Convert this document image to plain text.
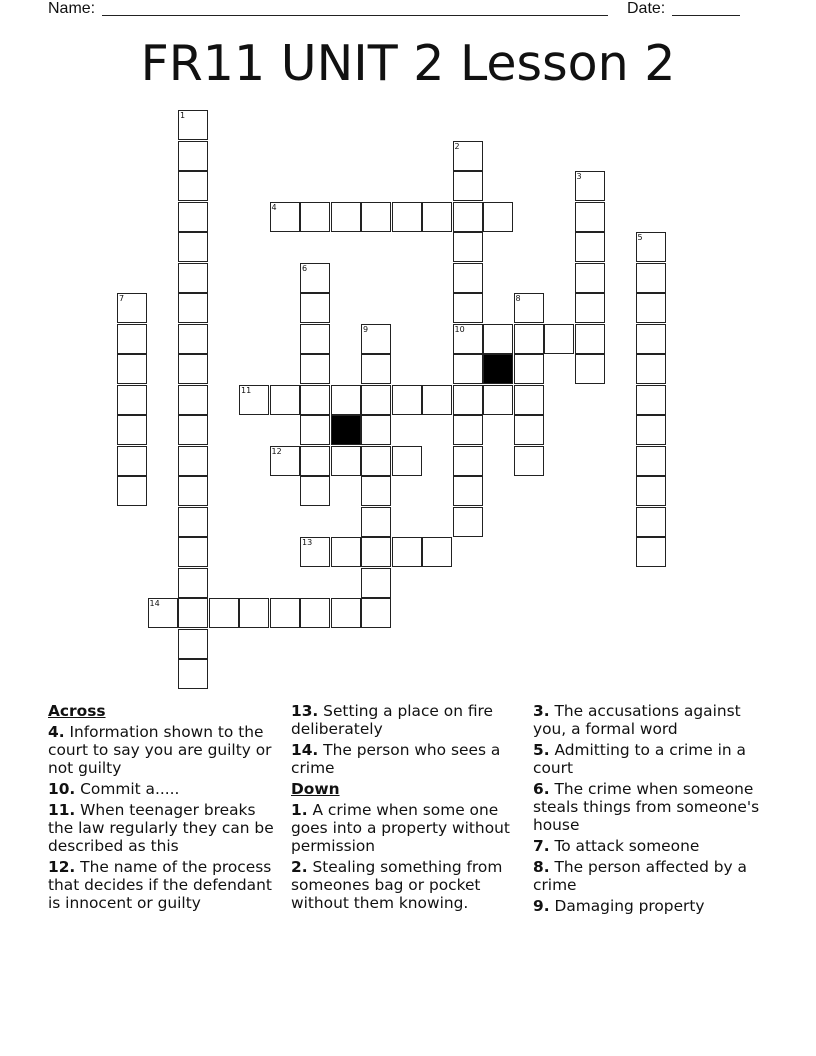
Name:	Date:
FR11 UNIT 2 Lesson 2
1
2
10
3
4
5
6
7	8
9
11
12
13
14
Across
4. Information shown to the court to say you are guilty or not guilty
10. Commit a.....
11. When teenager breaks the law regularly they can be described as this
12. The name of the process that decides if the defendant is innocent or guilty
13. Setting a place on fire deliberately
14. The person who sees a crime
Down
1. A crime when some one goes into a property without permission
2. Stealing something from someones bag or pocket without them knowing.
3. The accusations against you, a formal word
5. Admitting to a crime in a court
6. The crime when someone steals things from someone's house
7. To attack someone
8. The person affected by a crime
9. Damaging property
